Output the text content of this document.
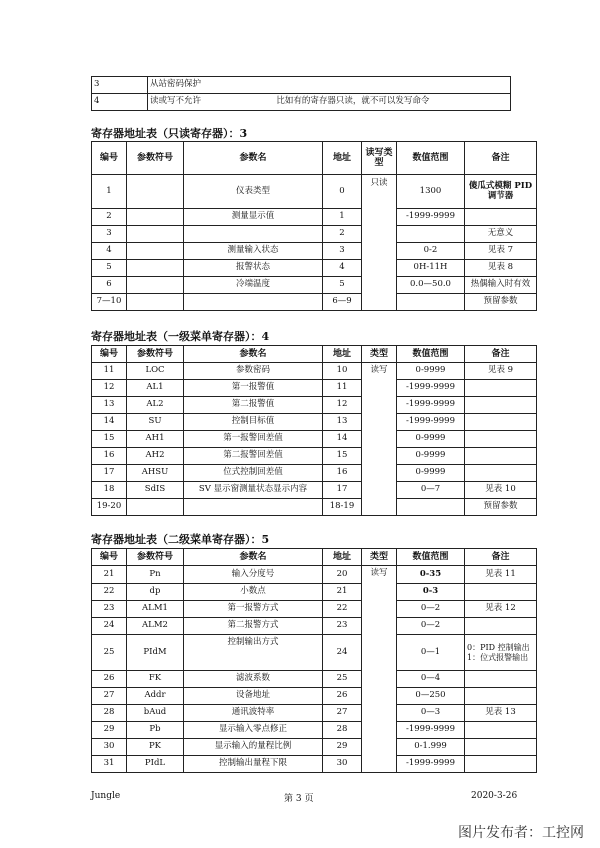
3	从站密码保护
4	读或写不允许 比如有的寄存器只读，就不可以发写命令
寄存器地址表（只读寄存器）：3
编号	参数符号	参数名	地址	读写类型	数值范围	备注
1		仪表类型	0	只读	1300	傻瓜式模糊 PID 调节器
2		测量显示值	1		-1999-9999	
3			2			无意义
4		测量输入状态	3		0-2	见表 7
5		报警状态	4		0H-11H	见表 8
6		冷端温度	5		0.0—50.0	热偶输入时有效
7—10			6—9			预留参数
寄存器地址表（一级菜单寄存器）：4
编号	参数符号	参数名	地址	类型	数值范围	备注
11	LOC	参数密码	10	读写	0-9999	见表 9
12	AL1	第一报警值	11		-1999-9999	
13	AL2	第二报警值	12		-1999-9999	
14	SU	控制目标值	13		-1999-9999	
15	AH1	第一报警回差值	14		0-9999	
16	AH2	第二报警回差值	15		0-9999	
17	AHSU	位式控制回差值	16		0-9999	
18	SdIS	SV 显示窗测量状态显示内容	17		0—7	见表 10
19-20			18-19			预留参数
寄存器地址表（二级菜单寄存器）：5
编号	参数符号	参数名	地址	类型	数值范围	备注
21	Pn	输入分度号	20	读写	0-35	见表 11
22	dp	小数点	21		0-3	
23	ALM1	第一报警方式	22		0—2	见表 12
24	ALM2	第二报警方式	23		0—2	
25	PIdM	控制输出方式	24		0—1	0：PID 控制输出 1：位式报警输出
26	FK	滤波系数	25		0—4	
27	Addr	设备地址	26		0—250	
28	bAud	通讯波特率	27		0—3	见表 13
29	Pb	显示输入零点修正	28		-1999-9999	
30	PK	显示输入的量程比例	29		0-1.999	
31	PIdL	控制输出量程下限	30		-1999-9999	
Jungle	第 3 页	2020-3-26
图片发布者：工控网
